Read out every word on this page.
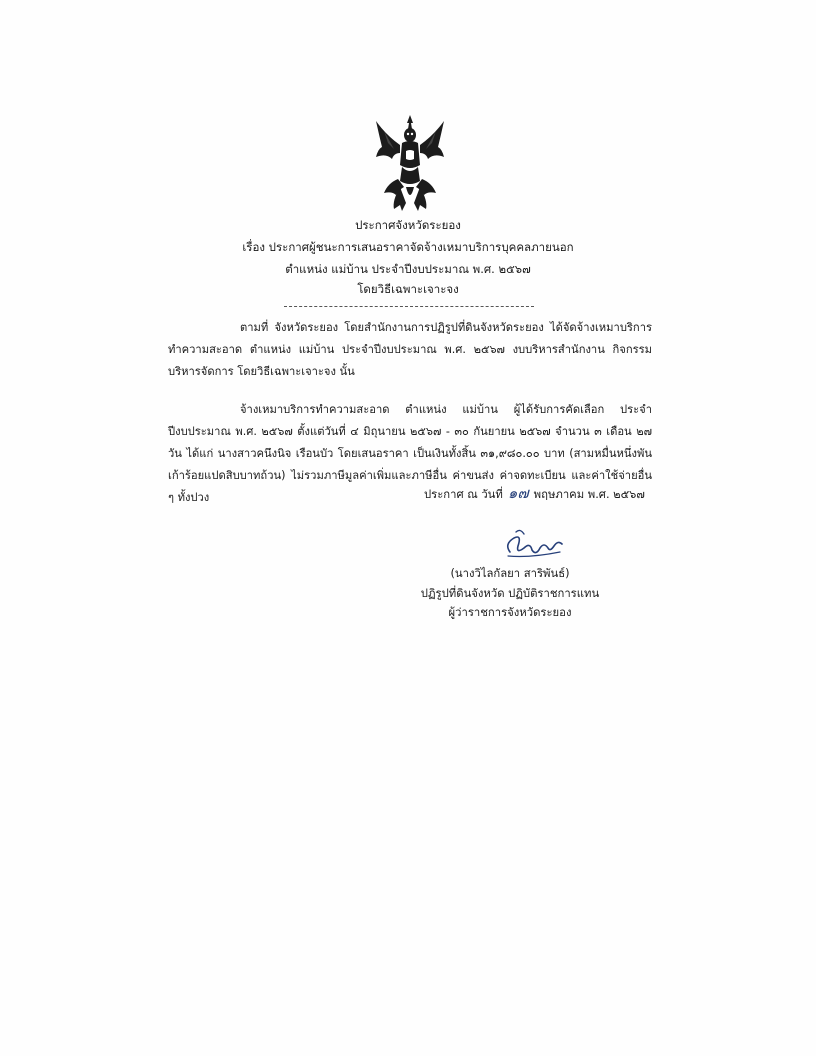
ประกาศจังหวัดระยอง
เรื่อง ประกาศผู้ชนะการเสนอราคาจัดจ้างเหมาบริการบุคคลภายนอก
ตำแหน่ง แม่บ้าน ประจำปีงบประมาณ พ.ศ. ๒๕๖๗
โดยวิธีเฉพาะเจาะจง
ตามที่ จังหวัดระยอง โดยสำนักงานการปฏิรูปที่ดินจังหวัดระยอง ได้จัดจ้างเหมาบริการทำความสะอาด ตำแหน่ง แม่บ้าน ประจำปีงบประมาณ พ.ศ. ๒๕๖๗ งบบริหารสำนักงาน กิจกรรมบริหารจัดการ โดยวิธีเฉพาะเจาะจง นั้น
จ้างเหมาบริการทำความสะอาด ตำแหน่ง แม่บ้าน ผู้ได้รับการคัดเลือก ประจำปีงบประมาณ พ.ศ. ๒๕๖๗ ตั้งแต่วันที่ ๔ มิถุนายน ๒๕๖๗ - ๓๐ กันยายน ๒๕๖๗ จำนวน ๓ เดือน ๒๗ วัน ได้แก่ นางสาวคนึงนิจ เรือนบัว โดยเสนอราคา เป็นเงินทั้งสิ้น ๓๑,๙๘๐.๐๐ บาท (สามหมื่นหนึ่งพันเก้าร้อยแปดสิบบาทถ้วน) ไม่รวมภาษีมูลค่าเพิ่มและภาษีอื่น ค่าขนส่ง ค่าจดทะเบียน และค่าใช้จ่ายอื่น ๆ ทั้งปวง	ประกาศ ณ วันที่ ๑๗ พฤษภาคม พ.ศ. ๒๕๖๗
(นางวิไลกัลยา สาริพันธ์)
ปฏิรูปที่ดินจังหวัด ปฏิบัติราชการแทน
ผู้ว่าราชการจังหวัดระยอง
